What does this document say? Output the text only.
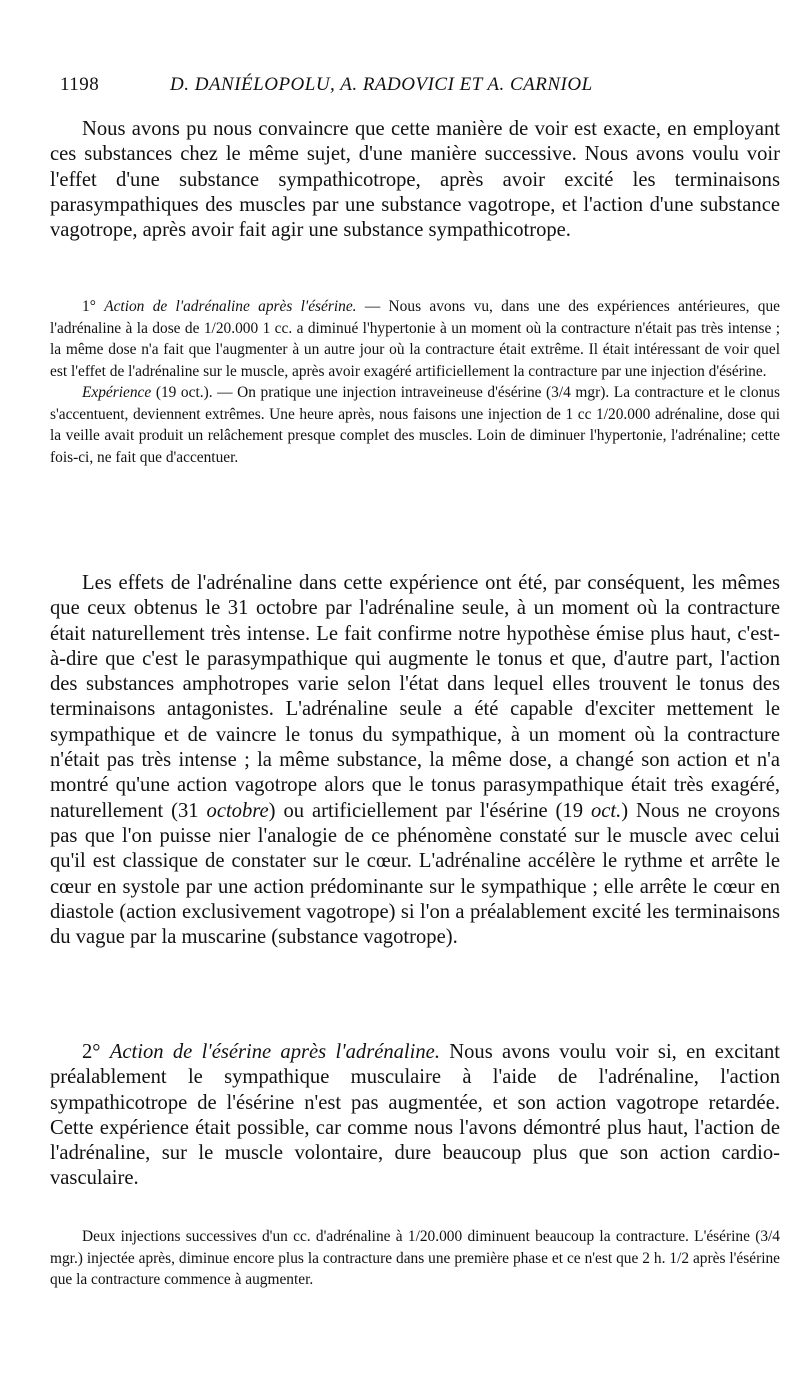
1198	D. DANIÉLOPOLU, A. RADOVICI ET A. CARNIOL

Nous avons pu nous convaincre que cette manière de voir est exacte, en employant ces substances chez le même sujet, d'une manière successive. Nous avons voulu voir l'effet d'une substance sympathicotrope, après avoir excité les terminaisons parasympathiques des muscles par une substance vagotrope, et l'action d'une substance vagotrope, après avoir fait agir une substance sympathicotrope.

1° Action de l'adrénaline après l'ésérine. — Nous avons vu, dans une des expériences antérieures, que l'adrénaline à la dose de 1/20.000 1 cc. a diminué l'hypertonie à un moment où la contracture n'était pas très intense ; la même dose n'a fait que l'augmenter à un autre jour où la contracture était extrême. Il était intéressant de voir quel est l'effet de l'adrénaline sur le muscle, après avoir exagéré artificiellement la contracture par une injection d'ésérine.

Expérience (19 oct.). — On pratique une injection intraveineuse d'ésérine (3/4 mgr). La contracture et le clonus s'accentuent, deviennent extrêmes. Une heure après, nous faisons une injection de 1 cc 1/20.000 adrénaline, dose qui la veille avait produit un relâchement presque complet des muscles. Loin de diminuer l'hypertonie, l'adrénaline; cette fois-ci, ne fait que d'accentuer.

Les effets de l'adrénaline dans cette expérience ont été, par conséquent, les mêmes que ceux obtenus le 31 octobre par l'adrénaline seule, à un moment où la contracture était naturellement très intense. Le fait confirme notre hypothèse émise plus haut, c'est-à-dire que c'est le parasympathique qui augmente le tonus et que, d'autre part, l'action des substances amphotropes varie selon l'état dans lequel elles trouvent le tonus des terminaisons antagonistes. L'adrénaline seule a été capable d'exciter mettement le sympathique et de vaincre le tonus du sympathique, à un moment où la contracture n'était pas très intense ; la même substance, la même dose, a changé son action et n'a montré qu'une action vagotrope alors que le tonus parasympathique était très exagéré, naturellement (31 octobre) ou artificiellement par l'ésérine (19 oct.) Nous ne croyons pas que l'on puisse nier l'analogie de ce phénomène constaté sur le muscle avec celui qu'il est classique de constater sur le cœur. L'adrénaline accélère le rythme et arrête le cœur en systole par une action prédominante sur le sympathique ; elle arrête le cœur en diastole (action exclusivement vagotrope) si l'on a préalablement excité les terminaisons du vague par la muscarine (substance vagotrope).

2° Action de l'ésérine après l'adrénaline. Nous avons voulu voir si, en excitant préalablement le sympathique musculaire à l'aide de l'adrénaline, l'action sympathicotrope de l'ésérine n'est pas augmentée, et son action vagotrope retardée. Cette expérience était possible, car comme nous l'avons démontré plus haut, l'action de l'adrénaline, sur le muscle volontaire, dure beaucoup plus que son action cardio-vasculaire.

Deux injections successives d'un cc. d'adrénaline à 1/20.000 diminuent beaucoup la contracture. L'ésérine (3/4 mgr.) injectée après, diminue encore plus la contracture dans une première phase et ce n'est que 2 h. 1/2 après l'ésérine que la contracture commence à augmenter.
